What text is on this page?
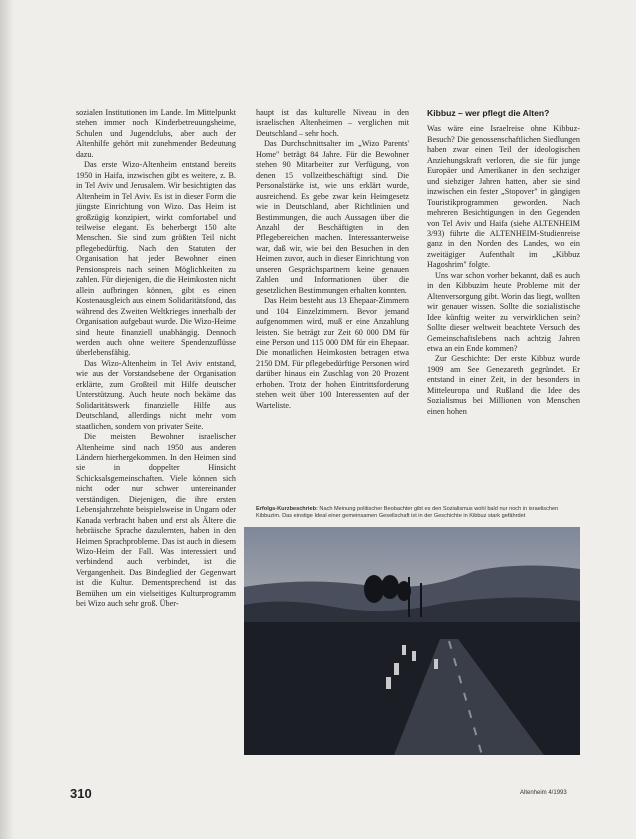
sozialen Institutionen im Lande. Im Mittelpunkt stehen immer noch Kinderbetreuungsheime, Schulen und Jugendclubs, aber auch der Altenhilfe gehört mit zunehmender Bedeutung dazu.

Das erste Wizo-Altenheim entstand bereits 1950 in Haifa, inzwischen gibt es weitere, z. B. in Tel Aviv und Jerusalem. Wir besichtigten das Altenheim in Tel Aviv. Es ist in dieser Form die jüngste Einrichtung von Wizo. Das Heim ist großzügig konzipiert, wirkt comfortabel und teilweise elegant. Es beherbergt 150 alte Menschen. Sie sind zum größten Teil nicht pflegebedürftig. Nach den Statuten der Organisation hat jeder Bewohner einen Pensionspreis nach seinen Möglichkeiten zu zahlen. Für diejenigen, die die Heimkosten nicht allein aufbringen können, gibt es einen Kostenausgleich aus einem Solidaritätsfond, das während des Zweiten Weltkrieges innerhalb der Organisation aufgebaut wurde. Die Wizo-Heime sind heute finanziell unabhängig. Dennoch werden auch ohne weitere Spendenzuflüsse überlebensfähig.

Das Wizo-Altenheim in Tel Aviv entstand, wie aus der Vorstandsebene der Organisation erklärte, zum Großteil mit Hilfe deutscher Unterstützung. Auch heute noch bekäme das Solidaritätswerk finanzielle Hilfe aus Deutschland, allerdings nicht mehr vom staatlichen, sondern von privater Seite.

Die meisten Bewohner israelischer Altenheime sind nach 1950 aus anderen Ländern hierhergekommen. In den Heimen sind sie in doppelter Hinsicht Schicksalsgemeinschaften. Viele können sich nicht oder nur schwer untereinander verständigen. Diejenigen, die ihre ersten Lebensjahrzehnte beispielsweise in Ungarn oder Kanada verbracht haben und erst als Ältere die hebräische Sprache dazulernten, haben in den Heimen Sprachprobleme. Das ist auch in diesem Wizo-Heim der Fall. Was interessiert und verbindend auch verbindet, ist die Vergangenheit. Das Bindeglied der Gegenwart ist die Kultur. Dementsprechend ist das Bemühen um ein vielseitiges Kulturprogramm bei Wizo auch sehr groß. Über-

haupt ist das kulturelle Niveau in den israelischen Altenheimen – verglichen mit Deutschland – sehr hoch.

Das Durchschnittsalter im „Wizo Parents' Home" beträgt 84 Jahre. Für die Bewohner stehen 90 Mitarbeiter zur Verfügung, von denen 15 vollzeitbeschäftigt sind. Die Personalstärke ist, wie uns erklärt wurde, ausreichend. Es gebe zwar kein Heimgesetz wie in Deutschland, aber Richtlinien und Bestimmungen, die auch Aussagen über die Anzahl der Beschäftigten in den Pflegebereichen machen. Interessanterweise war, daß wir, wie bei den Besuchen in den Heimen zuvor, auch in dieser Einrichtung von unseren Gesprächspartnern keine genauen Zahlen und Informationen über die gesetzlichen Bestimmungen erhalten konnten.

Das Heim besteht aus 13 Ehepaar-Zimmern und 104 Einzelzimmern. Bevor jemand aufgenommen wird, muß er eine Anzahlung leisten. Sie beträgt zur Zeit 60 000 DM für eine Person und 115 000 DM für ein Ehepaar. Die monatlichen Heimkosten betragen etwa 2150 DM. Für pflegebedürftige Personen wird darüber hinaus ein Zuschlag von 20 Prozent erhoben. Trotz der hohen Eintrittsforderung stehen weit über 100 Interessenten auf der Warteliste.

Kibbuz – wer pflegt die Alten?

Was wäre eine Israelreise ohne Kibbuz-Besuch? Die genossenschaftlichen Siedlungen haben zwar einen Teil der ideologischen Anziehungskraft verloren, die sie für junge Europäer und Amerikaner in den sechziger und siebziger Jahren hatten, aber sie sind inzwischen ein fester „Stopover" in gängigen Touristikprogrammen geworden. Nach mehreren Besichtigungen in den Gegenden von Tel Aviv und Haifa (siehe ALTENHEIM 3/93) führte die ALTENHEIM-Studienreise ganz in den Norden des Landes, wo ein zweitägiger Aufenthalt im „Kibbuz Hagoshrim" folgte.

Uns war schon vorher bekannt, daß es auch in den Kibbuzim heute Probleme mit der Altenversorgung gibt. Worin das liegt, wollten wir genauer wissen. Sollte die sozialistische Idee künftig weiter zu verwirklichen sein? Sollte dieser weltweit beachtete Versuch des Gemeinschaftslebens nach achtzig Jahren etwa an ein Ende kommen?

Zur Geschichte: Der erste Kibbuz wurde 1909 am See Genezareth gegründet. Er entstand in einer Zeit, in der besonders in Mitteleuropa und Rußland die Idee des Sozialismus bei Millionen von Menschen einen hohen

Erfolgs-Kurzbeschrieb: Nach Meinung politischer Beobachter gibt es den Sozialismus wohl bald nur noch in israelischen Kibbuzim. Das einstige Ideal einer gemeinsamen Gesellschaft ist in der Geschichte in Kibbuz stark gefährdet
310	Altenheim 4/1993
